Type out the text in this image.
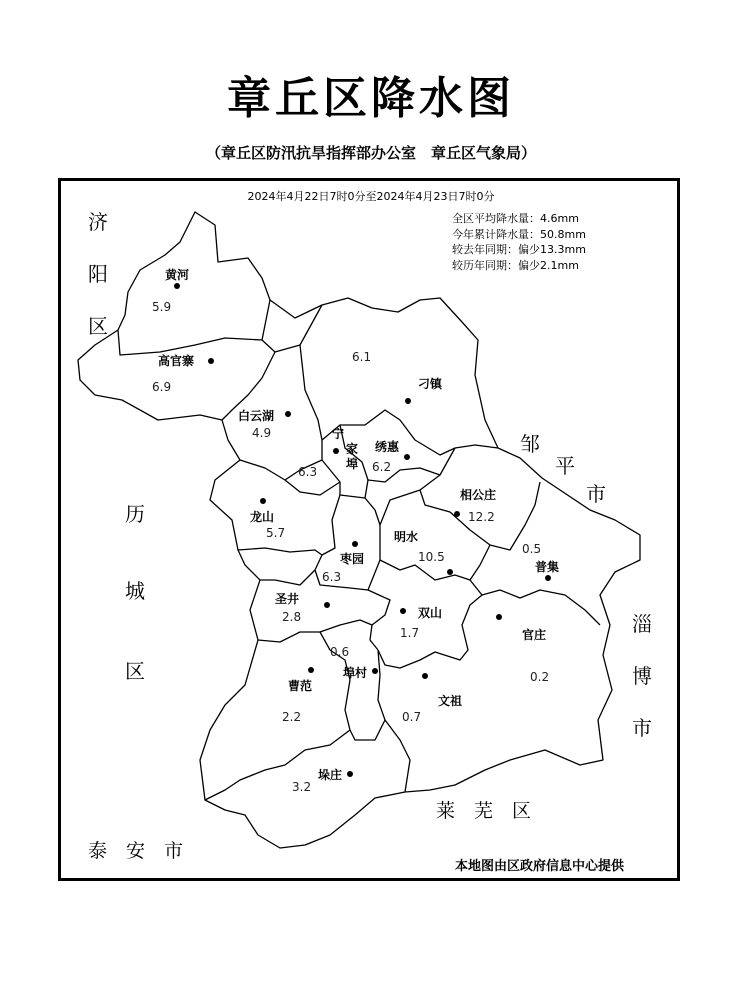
章丘区降水图
（章丘区防汛抗旱指挥部办公室　章丘区气象局）
2024年4月22日7时0分至2024年4月23日7时0分
全区平均降水量：4.6mm
今年累计降水量：50.8mm
较去年同期：偏少13.3mm
较历年同期：偏少2.1mm
济
阳
区
历
城
区
邹
平
市
淄
博
市
莱　芜　区
泰　安　市
黄河
5.9
高官寨
6.9
白云湖
4.9
6.1
刁镇
宁
家
埠
6.3
绣惠
6.2
相公庄
12.2
龙山
5.7
枣园
6.3
明水
10.5
0.5
普集
圣井
2.8	双山
1.7	官庄
0.2
0.6
埠村
曹范
2.2
文祖
0.7
垛庄
3.2
本地图由区政府信息中心提供
